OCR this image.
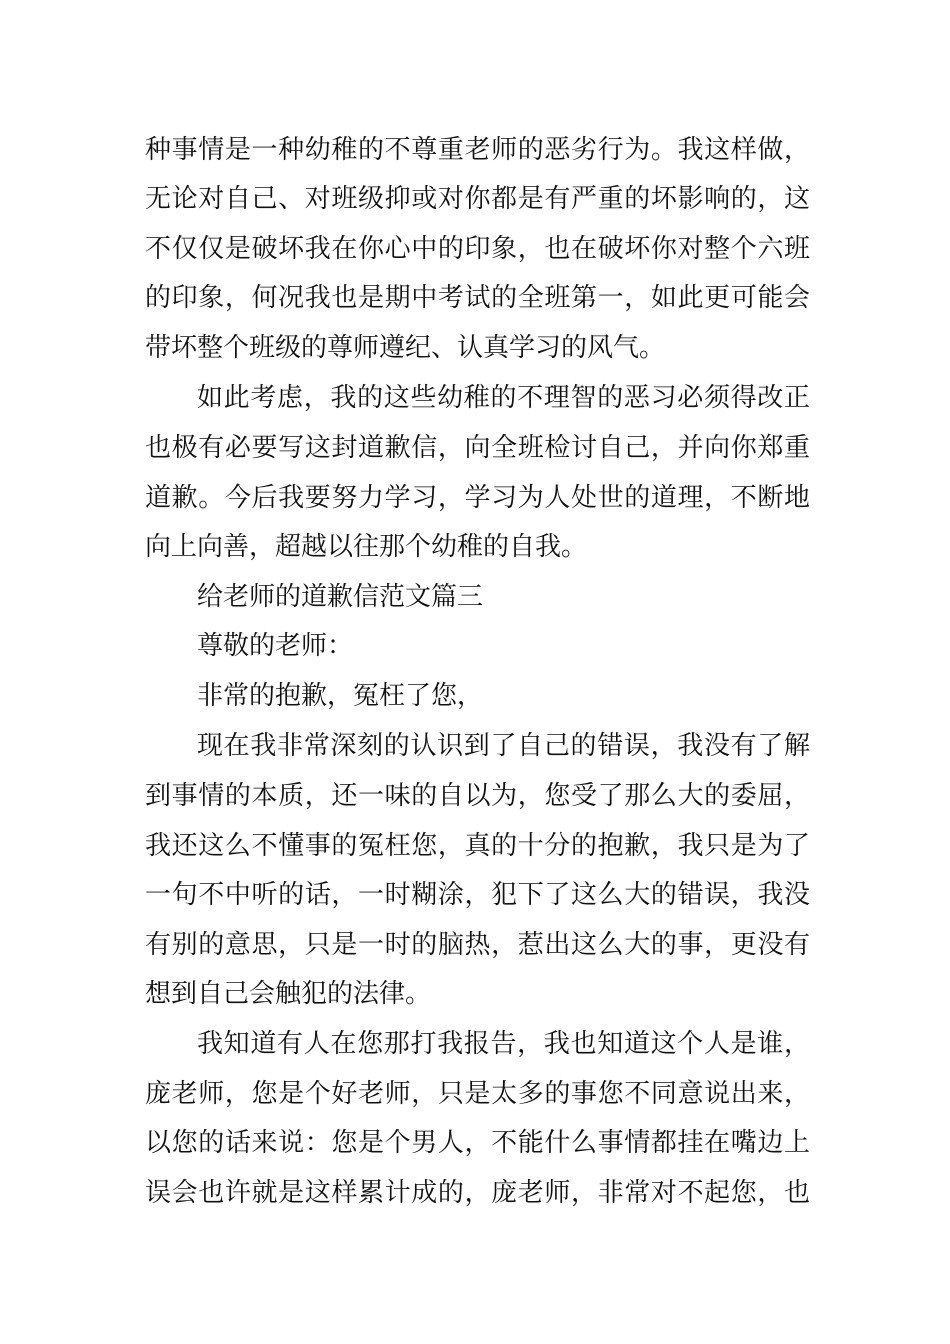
种事情是一种幼稚的不尊重老师的恶劣行为。我这样做，
无论对自己、对班级抑或对你都是有严重的坏影响的，这
不仅仅是破坏我在你心中的印象，也在破坏你对整个六班
的印象，何况我也是期中考试的全班第一，如此更可能会
带坏整个班级的尊师遵纪、认真学习的风气。
如此考虑，我的这些幼稚的不理智的恶习必须得改正
也极有必要写这封道歉信，向全班检讨自己，并向你郑重
道歉。今后我要努力学习，学习为人处世的道理，不断地
向上向善，超越以往那个幼稚的自我。
给老师的道歉信范文篇三
尊敬的老师：
非常的抱歉，冤枉了您，
现在我非常深刻的认识到了自己的错误，我没有了解
到事情的本质，还一味的自以为，您受了那么大的委屈，
我还这么不懂事的冤枉您，真的十分的抱歉，我只是为了
一句不中听的话，一时糊涂，犯下了这么大的错误，我没
有别的意思，只是一时的脑热，惹出这么大的事，更没有
想到自己会触犯的法律。
我知道有人在您那打我报告，我也知道这个人是谁，
庞老师，您是个好老师，只是太多的事您不同意说出来，
以您的话来说：您是个男人，不能什么事情都挂在嘴边上
误会也许就是这样累计成的，庞老师，非常对不起您，也
